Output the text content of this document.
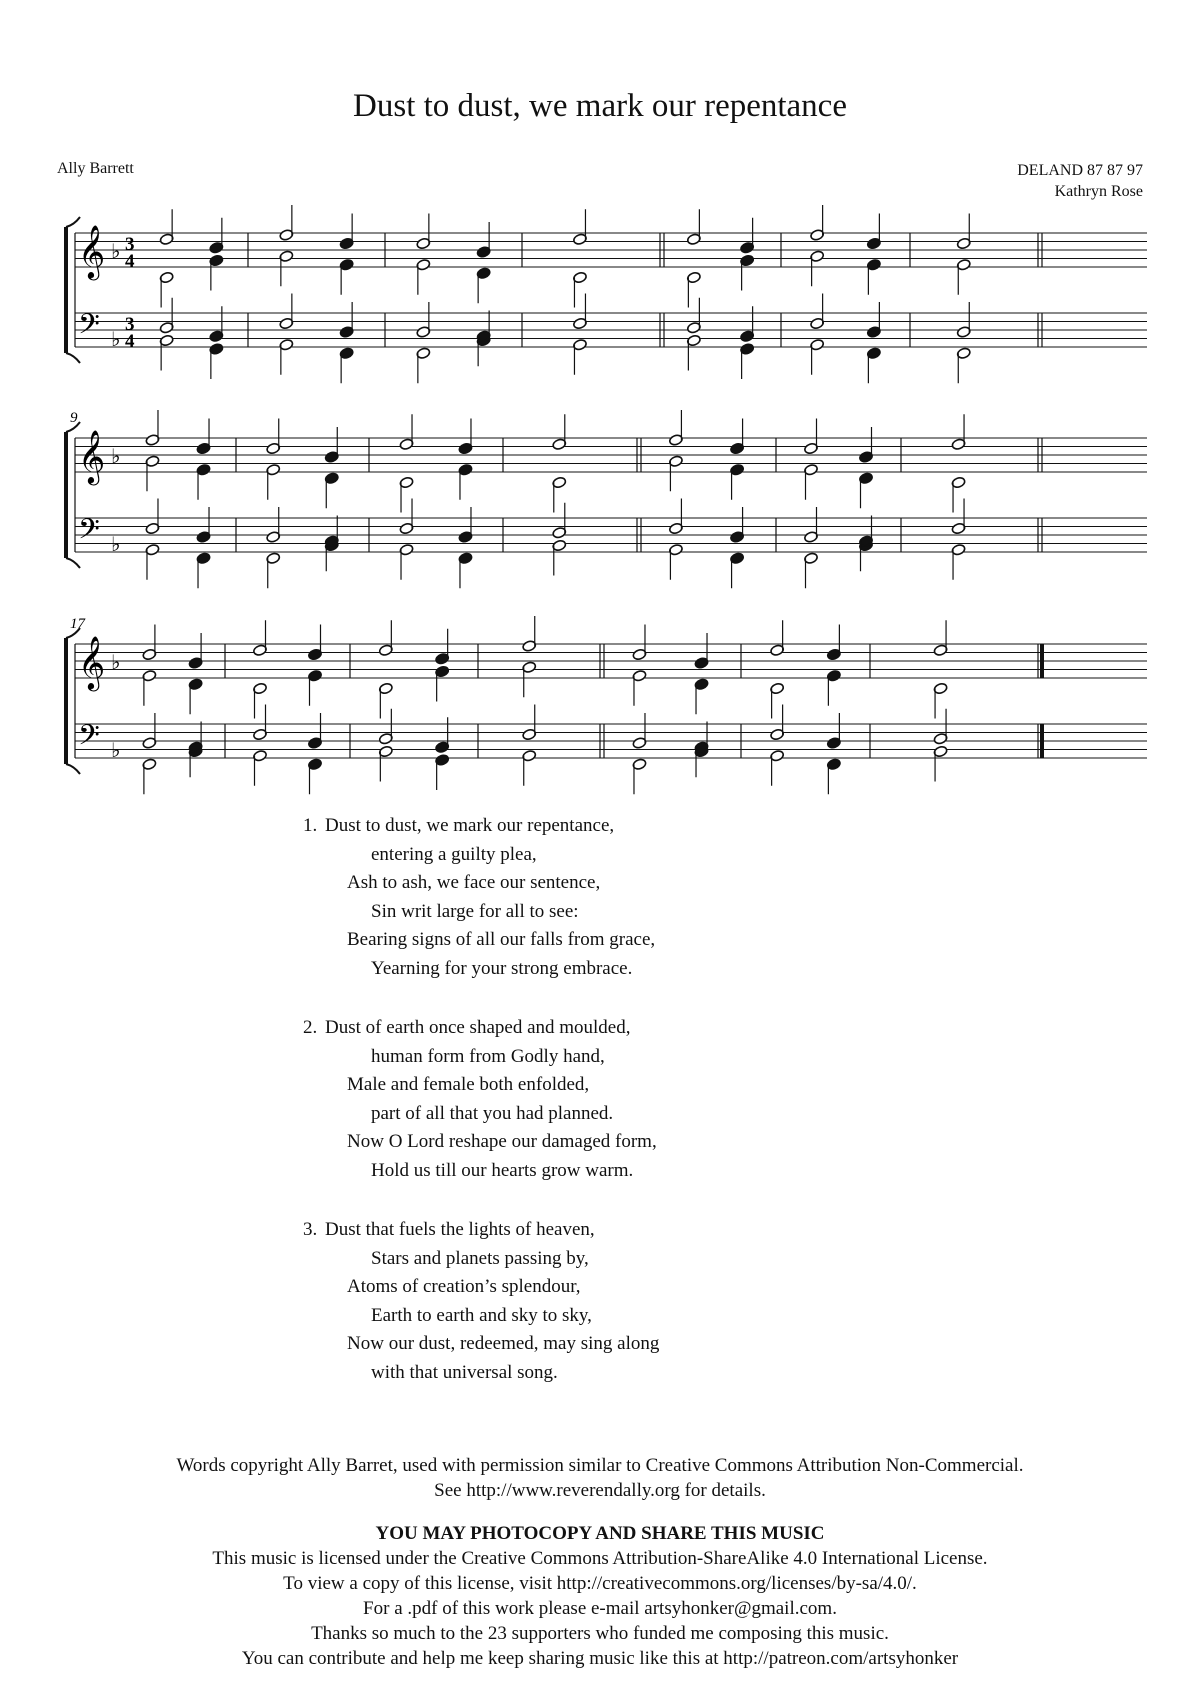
Dust to dust, we mark our repentance
Ally Barrett	DELAND 87 87 97
Kathryn Rose
𝄞 ♭ 3
4
𝄢 ♭
3
4
𝄞 ♭
𝄢 ♭
9
𝄞 ♭
𝄢 ♭
17
1. Dust to dust, we mark our repentance,
entering a guilty plea,
Ash to ash, we face our sentence,
Sin writ large for all to see:
Bearing signs of all our falls from grace,
Yearning for your strong embrace.
2. Dust of earth once shaped and moulded,
human form from Godly hand,
Male and female both enfolded,
part of all that you had planned.
Now O Lord reshape our damaged form,
Hold us till our hearts grow warm.
3. Dust that fuels the lights of heaven,
Stars and planets passing by,
Atoms of creation’s splendour,
Earth to earth and sky to sky,
Now our dust, redeemed, may sing along
with that universal song.
Words copyright Ally Barret, used with permission similar to Creative Commons Attribution Non-Commercial.
See http://www.reverendally.org for details.
YOU MAY PHOTOCOPY AND SHARE THIS MUSIC
This music is licensed under the Creative Commons Attribution-ShareAlike 4.0 International License.
To view a copy of this license, visit http://creativecommons.org/licenses/by-sa/4.0/.
For a .pdf of this work please e-mail artsyhonker@gmail.com.
Thanks so much to the 23 supporters who funded me composing this music.
You can contribute and help me keep sharing music like this at http://patreon.com/artsyhonker
